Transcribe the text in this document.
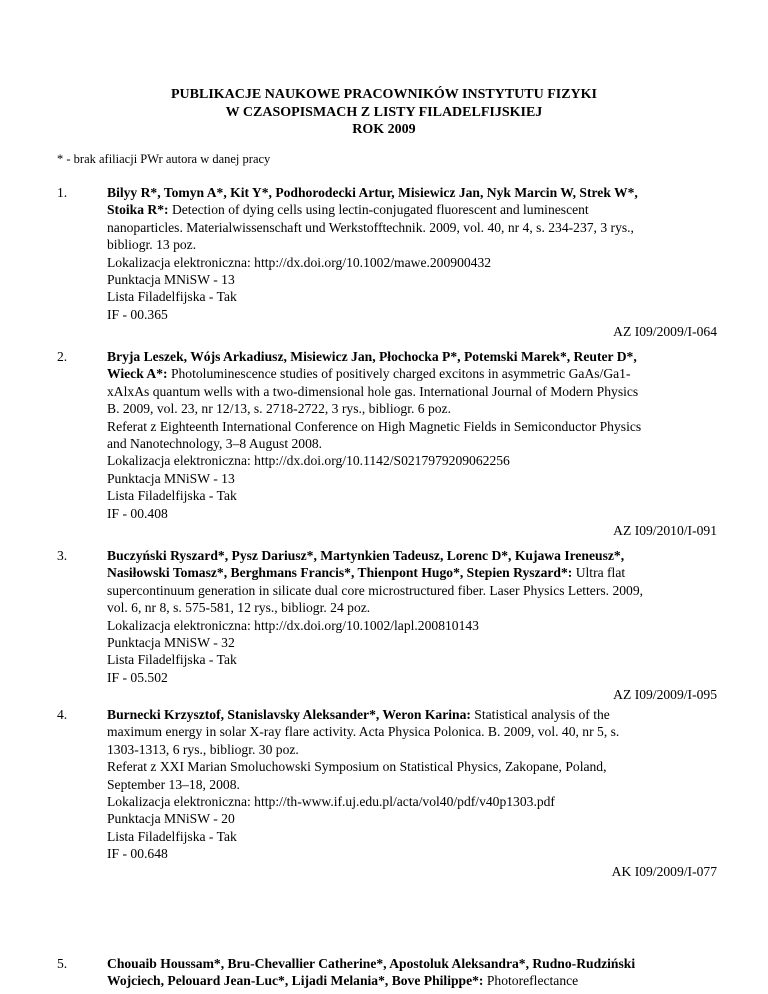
PUBLIKACJE NAUKOWE PRACOWNIKÓW INSTYTUTU FIZYKI
W CZASOPISMACH Z LISTY FILADELFIJSKIEJ
ROK 2009
* - brak afiliacji PWr autora w danej pracy
1.	Bilyy R*, Tomyn A*, Kit Y*, Podhorodecki Artur, Misiewicz Jan, Nyk Marcin W, Strek W*,
Stoika R*: Detection of dying cells using lectin-conjugated fluorescent and luminescent
nanoparticles. Materialwissenschaft und Werkstofftechnik. 2009, vol. 40, nr 4, s. 234-237, 3 rys.,
bibliogr. 13 poz.
Lokalizacja elektroniczna: http://dx.doi.org/10.1002/mawe.200900432
Punktacja MNiSW - 13
Lista Filadelfijska - Tak
IF - 00.365
AZ I09/2009/I-064
2.	Bryja Leszek, Wójs Arkadiusz, Misiewicz Jan, Płochocka P*, Potemski Marek*, Reuter D*,
Wieck A*: Photoluminescence studies of positively charged excitons in asymmetric GaAs/Ga1-
xAlxAs quantum wells with a two-dimensional hole gas. International Journal of Modern Physics
B. 2009, vol. 23, nr 12/13, s. 2718-2722, 3 rys., bibliogr. 6 poz.
Referat z Eighteenth International Conference on High Magnetic Fields in Semiconductor Physics
and Nanotechnology, 3–8 August 2008.
Lokalizacja elektroniczna: http://dx.doi.org/10.1142/S0217979209062256
Punktacja MNiSW - 13
Lista Filadelfijska - Tak
IF - 00.408
AZ I09/2010/I-091
3.	Buczyński Ryszard*, Pysz Dariusz*, Martynkien Tadeusz, Lorenc D*, Kujawa Ireneusz*,
Nasiłowski Tomasz*, Berghmans Francis*, Thienpont Hugo*, Stepien Ryszard*: Ultra flat
supercontinuum generation in silicate dual core microstructured fiber. Laser Physics Letters. 2009,
vol. 6, nr 8, s. 575-581, 12 rys., bibliogr. 24 poz.
Lokalizacja elektroniczna: http://dx.doi.org/10.1002/lapl.200810143
Punktacja MNiSW - 32
Lista Filadelfijska - Tak
IF - 05.502
AZ I09/2009/I-095
4.	Burnecki Krzysztof, Stanislavsky Aleksander*, Weron Karina: Statistical analysis of the
maximum energy in solar X-ray flare activity. Acta Physica Polonica. B. 2009, vol. 40, nr 5, s.
1303-1313, 6 rys., bibliogr. 30 poz.
Referat z XXI Marian Smoluchowski Symposium on Statistical Physics, Zakopane, Poland,
September 13–18, 2008.
Lokalizacja elektroniczna: http://th-www.if.uj.edu.pl/acta/vol40/pdf/v40p1303.pdf
Punktacja MNiSW - 20
Lista Filadelfijska - Tak
IF - 00.648
AK I09/2009/I-077
5.	Chouaib Houssam*, Bru-Chevallier Catherine*, Apostoluk Aleksandra*, Rudno-Rudziński
Wojciech, Pelouard Jean-Luc*, Lijadi Melania*, Bove Philippe*: Photoreflectance
